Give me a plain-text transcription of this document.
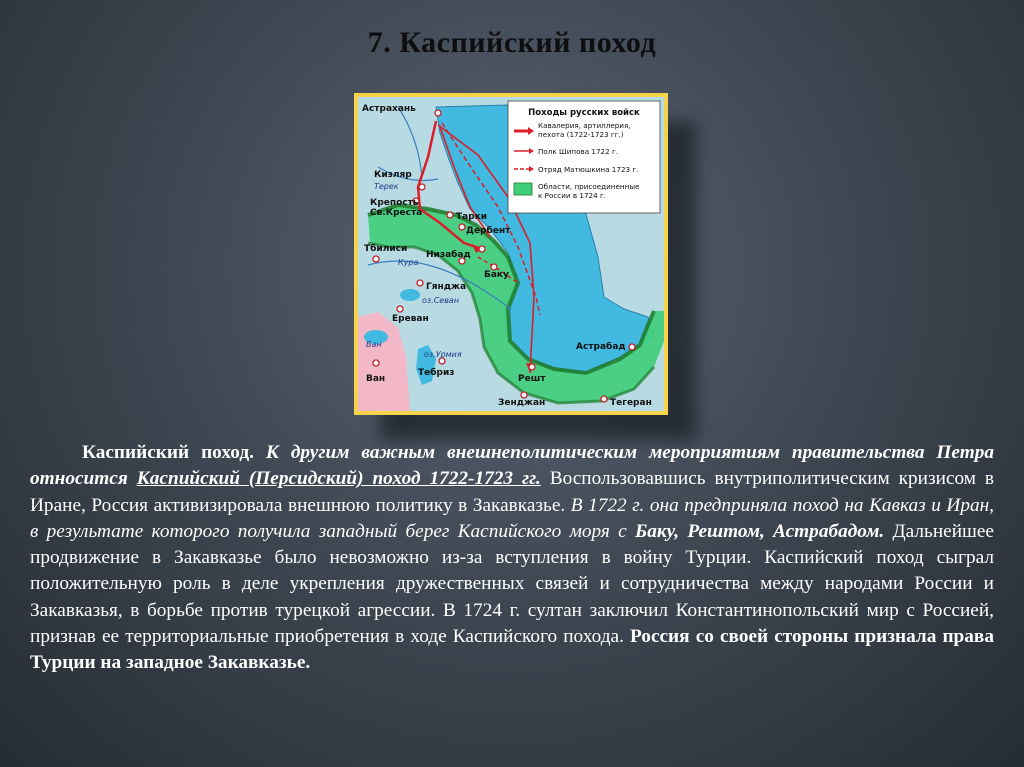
7. Каспийский поход
Астрахань
Кизляр
Крепость
Св.Креста	Тарки
Дербент
Тбилиси
Низабад
Баку
Гянджа
Ереван
Ван
Тебриз
Астрабад
Решт
Зенджан	Тегеран
Терек
Кура
оз.Севан
Ван
оз.Урмия
Походы русских войск
Кавалерия, артиллерия,
пехота (1722-1723 гг.)
Полк Шипова 1722 г.
Отряд Матюшкина 1723 г.
Области, присоединенные
к России в 1724 г.
Каспийский поход. К другим важным внешнеполитическим мероприятиям правительства Петра относится Каспийский (Персидский) поход 1722-1723 гг. Воспользовавшись внутриполитическим кризисом в Иране, Россия активизировала внешнюю политику в Закавказье. В 1722 г. она предприняла поход на Кавказ и Иран, в результате которого получила западный берег Каспийского моря с Баку, Рештом, Астрабадом. Дальнейшее продвижение в Закавказье было невозможно из-за вступления в войну Турции. Каспийский поход сыграл положительную роль в деле укрепления дружественных связей и сотрудничества между народами России и Закавказья, в борьбе против турецкой агрессии. В 1724 г. султан заключил Константинопольский мир с Россией, признав ее территориальные приобретения в ходе Каспийского похода. Россия со своей стороны признала права Турции на западное Закавказье.
